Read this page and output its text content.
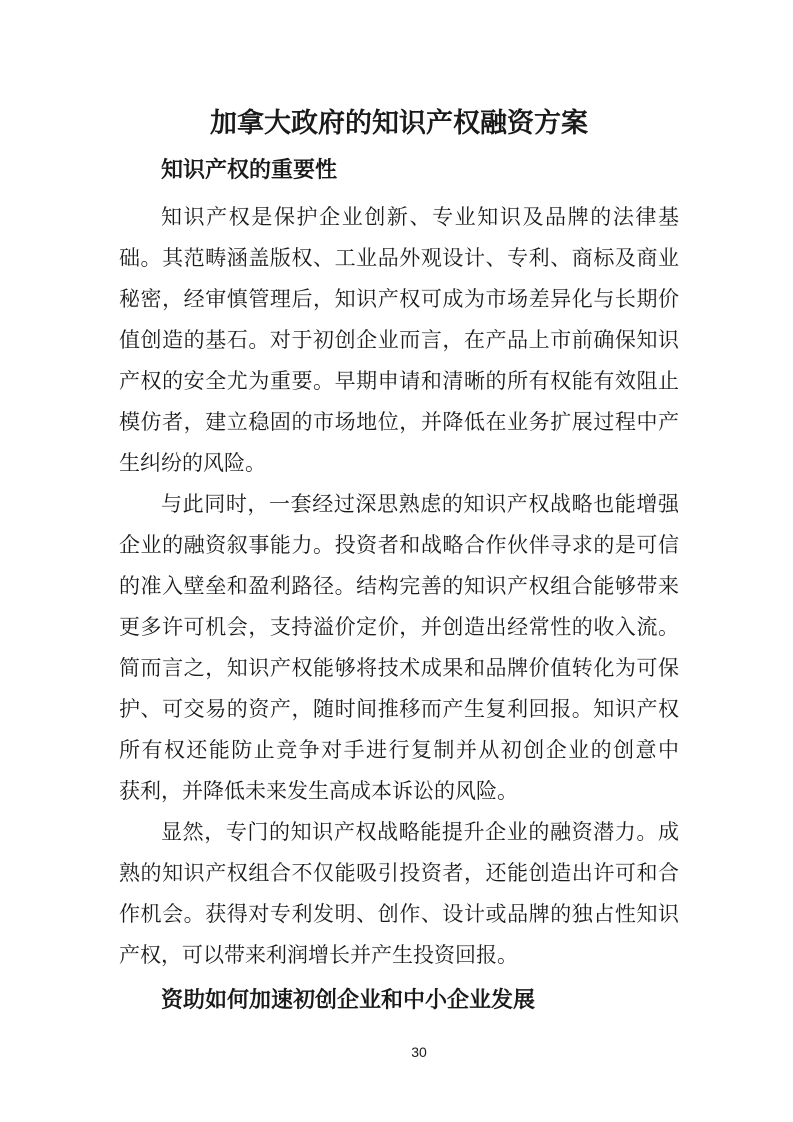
加拿大政府的知识产权融资方案
知识产权的重要性
知识产权是保护企业创新、专业知识及品牌的法律基
础。其范畴涵盖版权、工业品外观设计、专利、商标及商业
秘密，经审慎管理后，知识产权可成为市场差异化与长期价
值创造的基石。对于初创企业而言，在产品上市前确保知识
产权的安全尤为重要。早期申请和清晰的所有权能有效阻止
模仿者，建立稳固的市场地位，并降低在业务扩展过程中产
生纠纷的风险。
与此同时，一套经过深思熟虑的知识产权战略也能增强
企业的融资叙事能力。投资者和战略合作伙伴寻求的是可信
的准入壁垒和盈利路径。结构完善的知识产权组合能够带来
更多许可机会，支持溢价定价，并创造出经常性的收入流。
简而言之，知识产权能够将技术成果和品牌价值转化为可保
护、可交易的资产，随时间推移而产生复利回报。知识产权
所有权还能防止竞争对手进行复制并从初创企业的创意中
获利，并降低未来发生高成本诉讼的风险。
显然，专门的知识产权战略能提升企业的融资潜力。成
熟的知识产权组合不仅能吸引投资者，还能创造出许可和合
作机会。获得对专利发明、创作、设计或品牌的独占性知识
产权，可以带来利润增长并产生投资回报。
资助如何加速初创企业和中小企业发展
30
